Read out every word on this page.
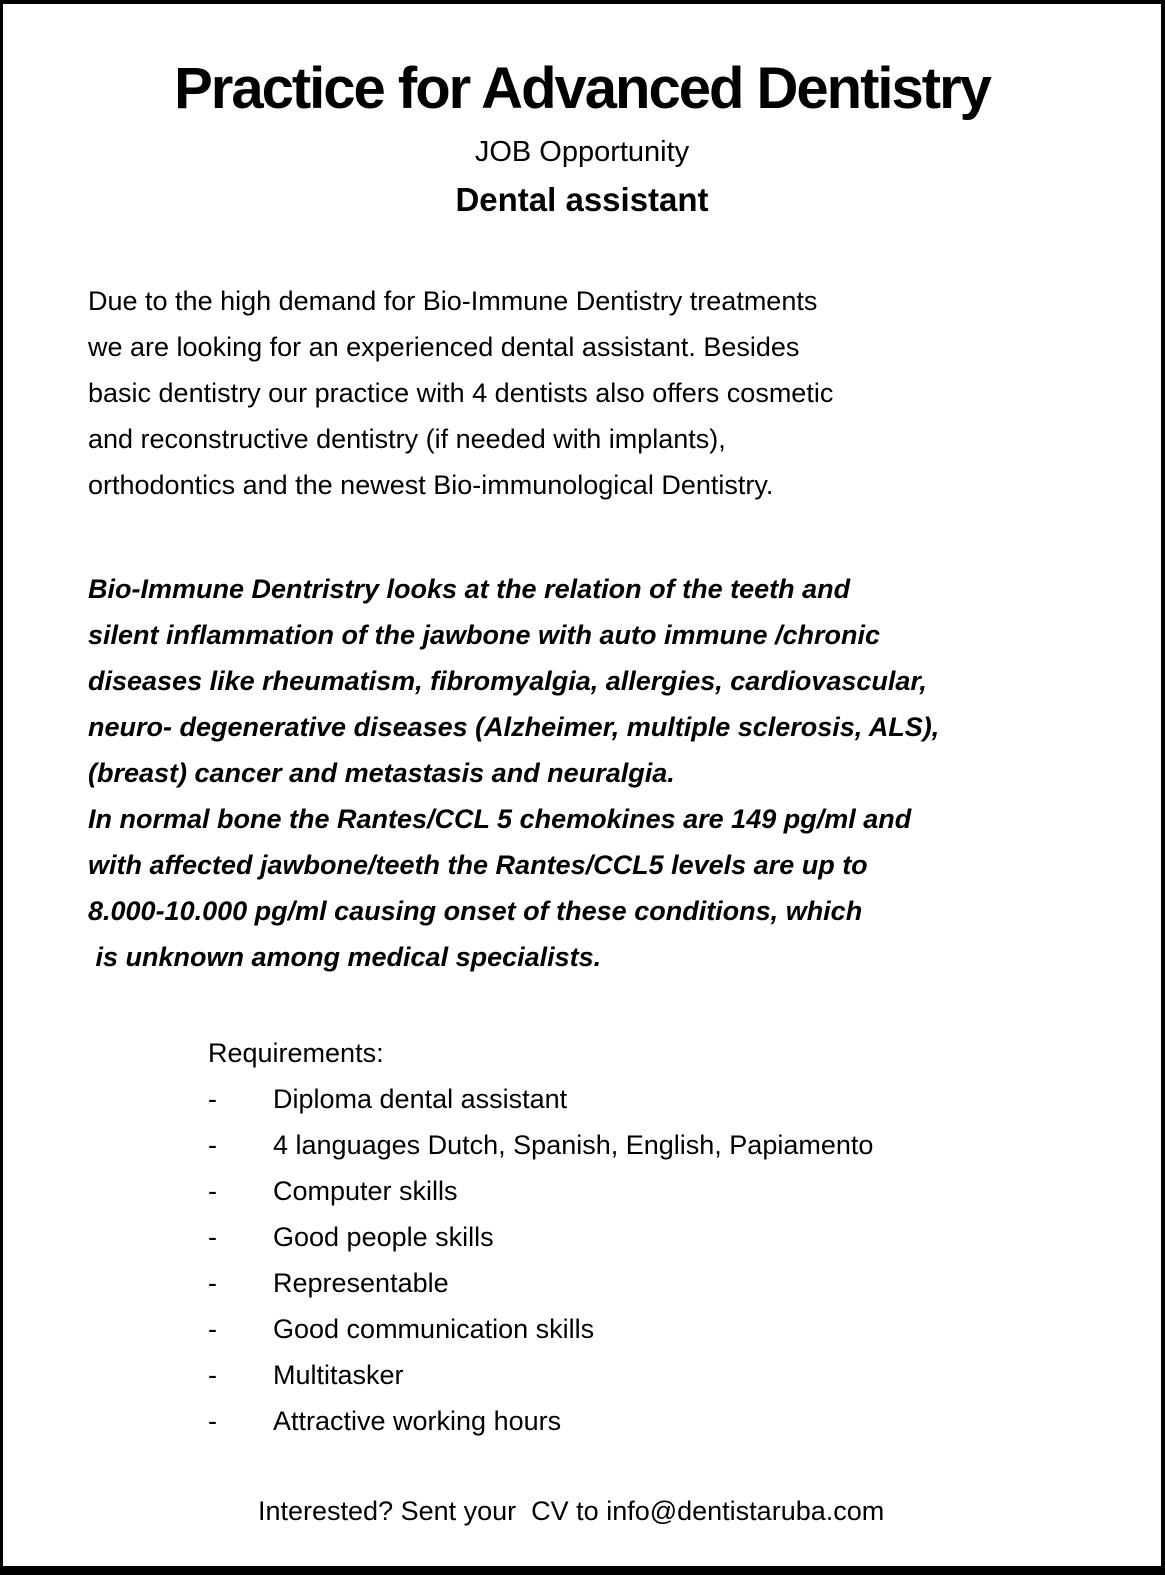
Practice for Advanced Dentistry
JOB Opportunity
Dental assistant
Due to the high demand for Bio-Immune Dentistry treatments
we are looking for an experienced dental assistant. Besides
basic dentistry our practice with 4 dentists also offers cosmetic
and reconstructive dentistry (if needed with implants),
orthodontics and the newest Bio-immunological Dentistry.
Bio-Immune Dentristry looks at the relation of the teeth and
silent inflammation of the jawbone with auto immune /chronic
diseases like rheumatism, fibromyalgia, allergies, cardiovascular,
neuro- degenerative diseases (Alzheimer, multiple sclerosis, ALS),
(breast) cancer and metastasis and neuralgia.
In normal bone the Rantes/CCL 5 chemokines are 149 pg/ml and
with affected jawbone/teeth the Rantes/CCL5 levels are up to
8.000-10.000 pg/ml causing onset of these conditions, which
is unknown among medical specialists.
Requirements:
-	Diploma dental assistant
-	4 languages Dutch, Spanish, English, Papiamento
-	Computer skills
-	Good people skills
-	Representable
-	Good communication skills
-	Multitasker
-	Attractive working hours
Interested? Sent your  CV to info@dentistaruba.com
